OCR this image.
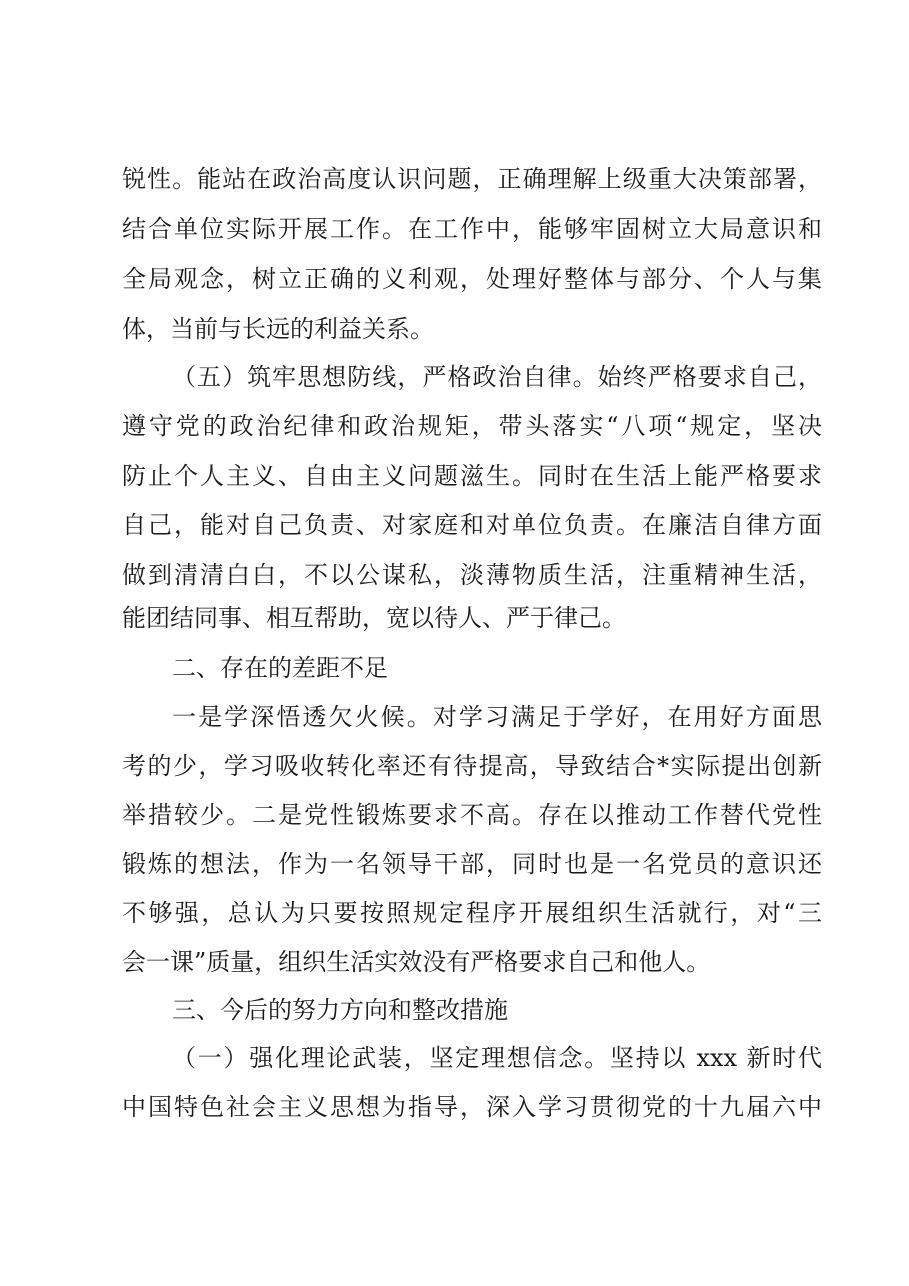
锐性。能站在政治高度认识问题，正确理解上级重大决策部署，
结合单位实际开展工作。在工作中，能够牢固树立大局意识和
全局观念，树立正确的义利观，处理好整体与部分、个人与集
体，当前与长远的利益关系。
（五）筑牢思想防线，严格政治自律。始终严格要求自己，
遵守党的政治纪律和政治规矩，带头落实“八项“规定，坚决
防止个人主义、自由主义问题滋生。同时在生活上能严格要求
自己，能对自己负责、对家庭和对单位负责。在廉洁自律方面
做到清清白白，不以公谋私，淡薄物质生活，注重精神生活，
能团结同事、相互帮助，宽以待人、严于律己。
二、存在的差距不足
一是学深悟透欠火候。对学习满足于学好，在用好方面思
考的少，学习吸收转化率还有待提高，导致结合*实际提出创新
举措较少。二是党性锻炼要求不高。存在以推动工作替代党性
锻炼的想法，作为一名领导干部，同时也是一名党员的意识还
不够强，总认为只要按照规定程序开展组织生活就行，对“三
会一课”质量，组织生活实效没有严格要求自己和他人。
三、今后的努力方向和整改措施
（一）强化理论武装，坚定理想信念。坚持以 xxx 新时代
中国特色社会主义思想为指导，深入学习贯彻党的十九届六中
